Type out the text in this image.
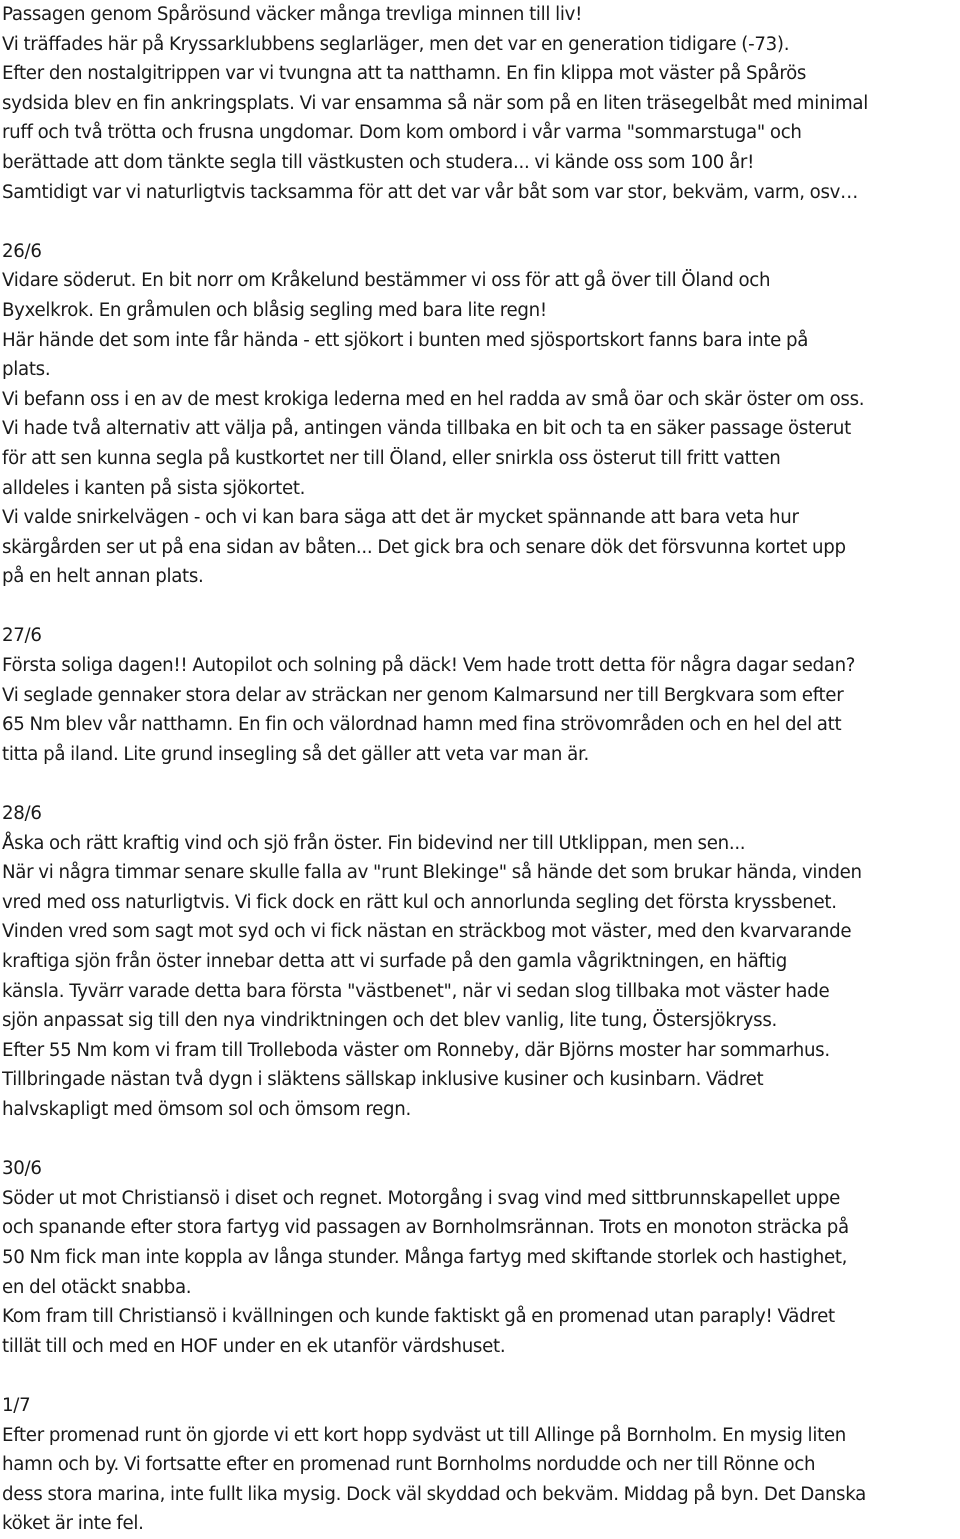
Passagen genom Spårösund väcker många trevliga minnen till liv!
Vi träffades här på Kryssarklubbens seglarläger, men det var en generation tidigare (-73).
Efter den nostalgitrippen var vi tvungna att ta natthamn. En fin klippa mot väster på Spårös
sydsida blev en fin ankringsplats. Vi var ensamma så när som på en liten träsegelbåt med minimal
ruff och två trötta och frusna ungdomar. Dom kom ombord i vår varma "sommarstuga" och
berättade att dom tänkte segla till västkusten och studera... vi kände oss som 100 år!
Samtidigt var vi naturligtvis tacksamma för att det var vår båt som var stor, bekväm, varm, osv…
26/6
Vidare söderut. En bit norr om Kråkelund bestämmer vi oss för att gå över till Öland och
Byxelkrok. En gråmulen och blåsig segling med bara lite regn!
Här hände det som inte får hända - ett sjökort i bunten med sjösportskort fanns bara inte på
plats.
Vi befann oss i en av de mest krokiga lederna med en hel radda av små öar och skär öster om oss.
Vi hade två alternativ att välja på, antingen vända tillbaka en bit och ta en säker passage österut
för att sen kunna segla på kustkortet ner till Öland, eller snirkla oss österut till fritt vatten
alldeles i kanten på sista sjökortet.
Vi valde snirkelvägen - och vi kan bara säga att det är mycket spännande att bara veta hur
skärgården ser ut på ena sidan av båten... Det gick bra och senare dök det försvunna kortet upp
på en helt annan plats.
27/6
Första soliga dagen!! Autopilot och solning på däck! Vem hade trott detta för några dagar sedan?
Vi seglade gennaker stora delar av sträckan ner genom Kalmarsund ner till Bergkvara som efter
65 Nm blev vår natthamn. En fin och välordnad hamn med fina strövområden och en hel del att
titta på iland. Lite grund insegling så det gäller att veta var man är.
28/6
Åska och rätt kraftig vind och sjö från öster. Fin bidevind ner till Utklippan, men sen...
När vi några timmar senare skulle falla av "runt Blekinge" så hände det som brukar hända, vinden
vred med oss naturligtvis. Vi fick dock en rätt kul och annorlunda segling det första kryssbenet.
Vinden vred som sagt mot syd och vi fick nästan en sträckbog mot väster, med den kvarvarande
kraftiga sjön från öster innebar detta att vi surfade på den gamla vågriktningen, en häftig
känsla. Tyvärr varade detta bara första "västbenet", när vi sedan slog tillbaka mot väster hade
sjön anpassat sig till den nya vindriktningen och det blev vanlig, lite tung, Östersjökryss.
Efter 55 Nm kom vi fram till Trolleboda väster om Ronneby, där Björns moster har sommarhus.
Tillbringade nästan två dygn i släktens sällskap inklusive kusiner och kusinbarn. Vädret
halvskapligt med ömsom sol och ömsom regn.
30/6
Söder ut mot Christiansö i diset och regnet. Motorgång i svag vind med sittbrunnskapellet uppe
och spanande efter stora fartyg vid passagen av Bornholmsrännan. Trots en monoton sträcka på
50 Nm fick man inte koppla av långa stunder. Många fartyg med skiftande storlek och hastighet,
en del otäckt snabba.
Kom fram till Christiansö i kvällningen och kunde faktiskt gå en promenad utan paraply! Vädret
tillät till och med en HOF under en ek utanför värdshuset.
1/7
Efter promenad runt ön gjorde vi ett kort hopp sydväst ut till Allinge på Bornholm. En mysig liten
hamn och by. Vi fortsatte efter en promenad runt Bornholms nordudde och ner till Rönne och
dess stora marina, inte fullt lika mysig. Dock väl skyddad och bekväm. Middag på byn. Det Danska
köket är inte fel.
